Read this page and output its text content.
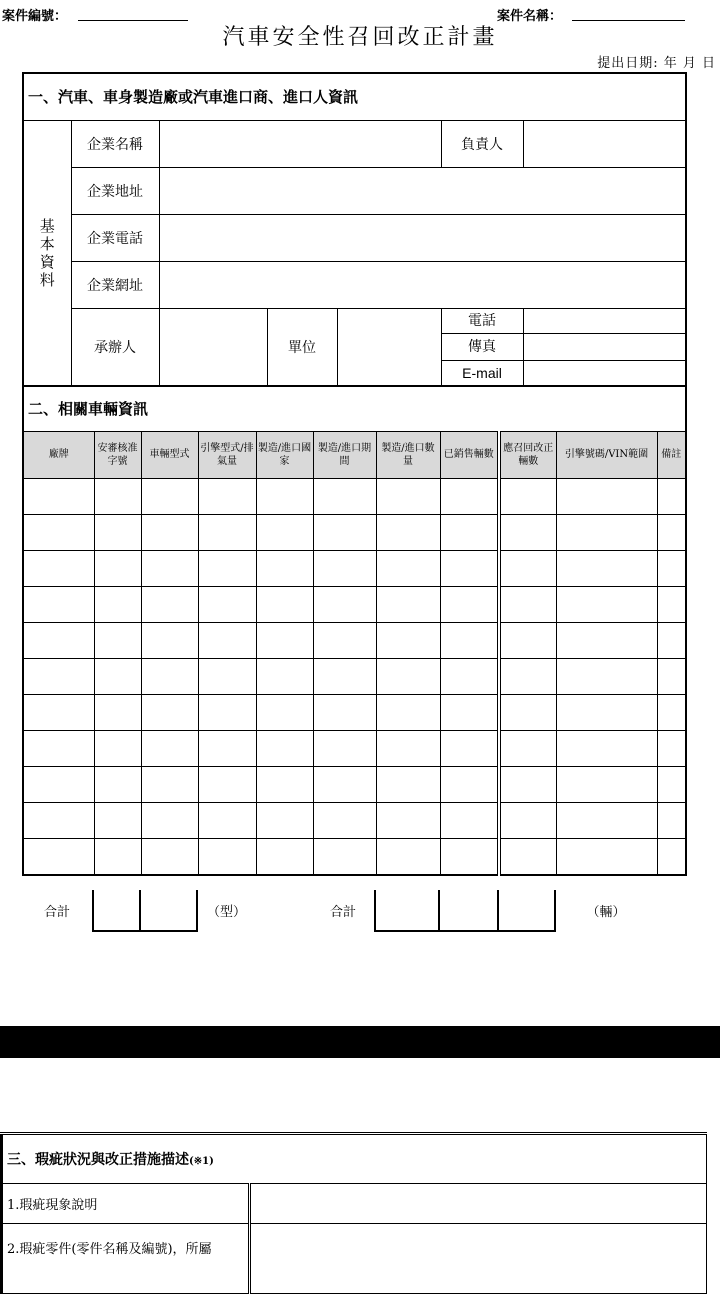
案件編號：	案件名稱：
汽車安全性召回改正計畫
提出日期: 年 月 日
一、汽車、車身製造廠或汽車進口商、進口人資訊						
基本資料	企業名稱				負責人	
	企業地址					
	企業電話					
	企業網址					
	承辦人		單位		電話
傳真
E-mail	

二、相關車輛資訊										
廠牌	安審核准字號	車輛型式	引擎型式/排氣量	製造/進口國家	製造/進口期間	製造/進口數量	已銷售輛數	應召回改正輛數	引擎號碼/VIN範圍	備註

合計			（型）		合計				（輛）	
三、瑕疵狀況與改正措施描述(※1)	
1.瑕疵現象說明	
2.瑕疵零件(零件名稱及編號)，所屬	
